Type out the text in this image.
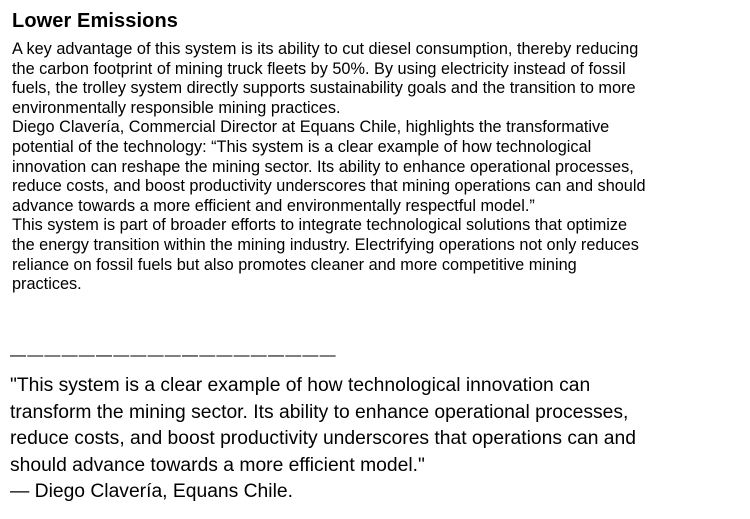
Lower Emissions

A key advantage of this system is its ability to cut diesel consumption, thereby reducing
the carbon footprint of mining truck fleets by 50%. By using electricity instead of fossil
fuels, the trolley system directly supports sustainability goals and the transition to more
environmentally responsible mining practices.

Diego Clavería, Commercial Director at Equans Chile, highlights the transformative
potential of the technology: “This system is a clear example of how technological
innovation can reshape the mining sector. Its ability to enhance operational processes,
reduce costs, and boost productivity underscores that mining operations can and should
advance towards a more efficient and environmentally respectful model.”

This system is part of broader efforts to integrate technological solutions that optimize
the energy transition within the mining industry. Electrifying operations not only reduces
reliance on fossil fuels but also promotes cleaner and more competitive mining
practices.

———————————————————
"This system is a clear example of how technological innovation can
transform the mining sector. Its ability to enhance operational processes,
reduce costs, and boost productivity underscores that operations can and
should advance towards a more efficient model."
— Diego Clavería, Equans Chile.
